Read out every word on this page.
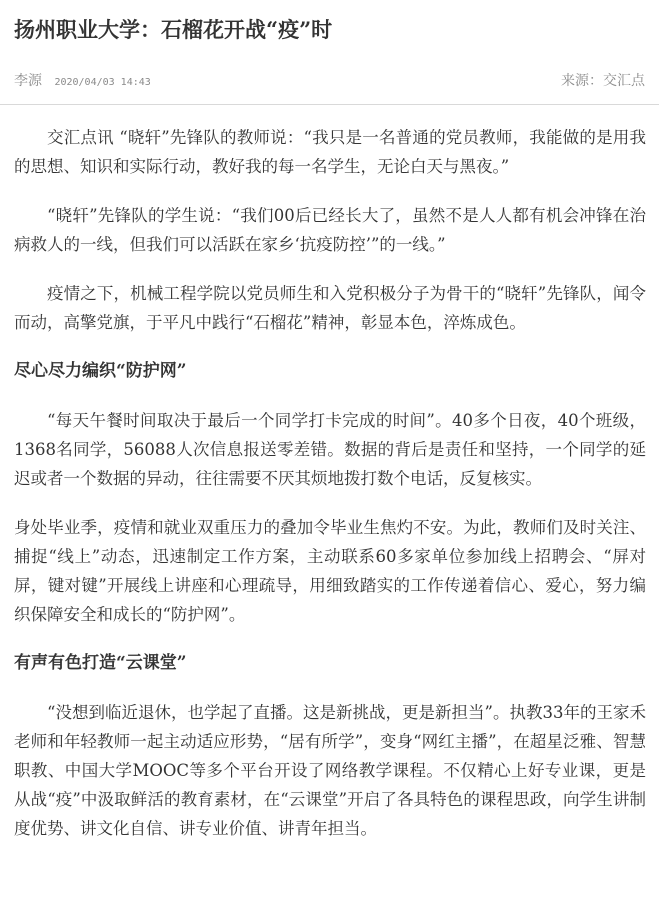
扬州职业大学：石榴花开战“疫”时
李源 2020/04/03 14:43	来源：交汇点

交汇点讯 “晓轩”先锋队的教师说：“我只是一名普通的党员教师，我能做的是用我的思想、知识和实际行动，教好我的每一名学生，无论白天与黑夜。”

“晓轩”先锋队的学生说：“我们00后已经长大了，虽然不是人人都有机会冲锋在治病救人的一线，但我们可以活跃在家乡‘抗疫防控’”的一线。”

疫情之下，机械工程学院以党员师生和入党积极分子为骨干的“晓轩”先锋队，闻令而动，高擎党旗，于平凡中践行“石榴花”精神，彰显本色，淬炼成色。

尽心尽力编织“防护网”

“每天午餐时间取决于最后一个同学打卡完成的时间”。40多个日夜，40个班级，1368名同学，56088人次信息报送零差错。数据的背后是责任和坚持，一个同学的延迟或者一个数据的异动，往往需要不厌其烦地拨打数个电话，反复核实。

身处毕业季，疫情和就业双重压力的叠加令毕业生焦灼不安。为此，教师们及时关注、捕捉“线上”动态，迅速制定工作方案，主动联系60多家单位参加线上招聘会、“屏对屏，键对键”开展线上讲座和心理疏导，用细致踏实的工作传递着信心、爱心，努力编织保障安全和成长的“防护网”。

有声有色打造“云课堂”

“没想到临近退休，也学起了直播。这是新挑战，更是新担当”。执教33年的王家禾老师和年轻教师一起主动适应形势，“居有所学”，变身“网红主播”，在超星泛雅、智慧职教、中国大学MOOC等多个平台开设了网络教学课程。不仅精心上好专业课，更是从战“疫”中汲取鲜活的教育素材，在“云课堂”开启了各具特色的课程思政，向学生讲制度优势、讲文化自信、讲专业价值、讲青年担当。
